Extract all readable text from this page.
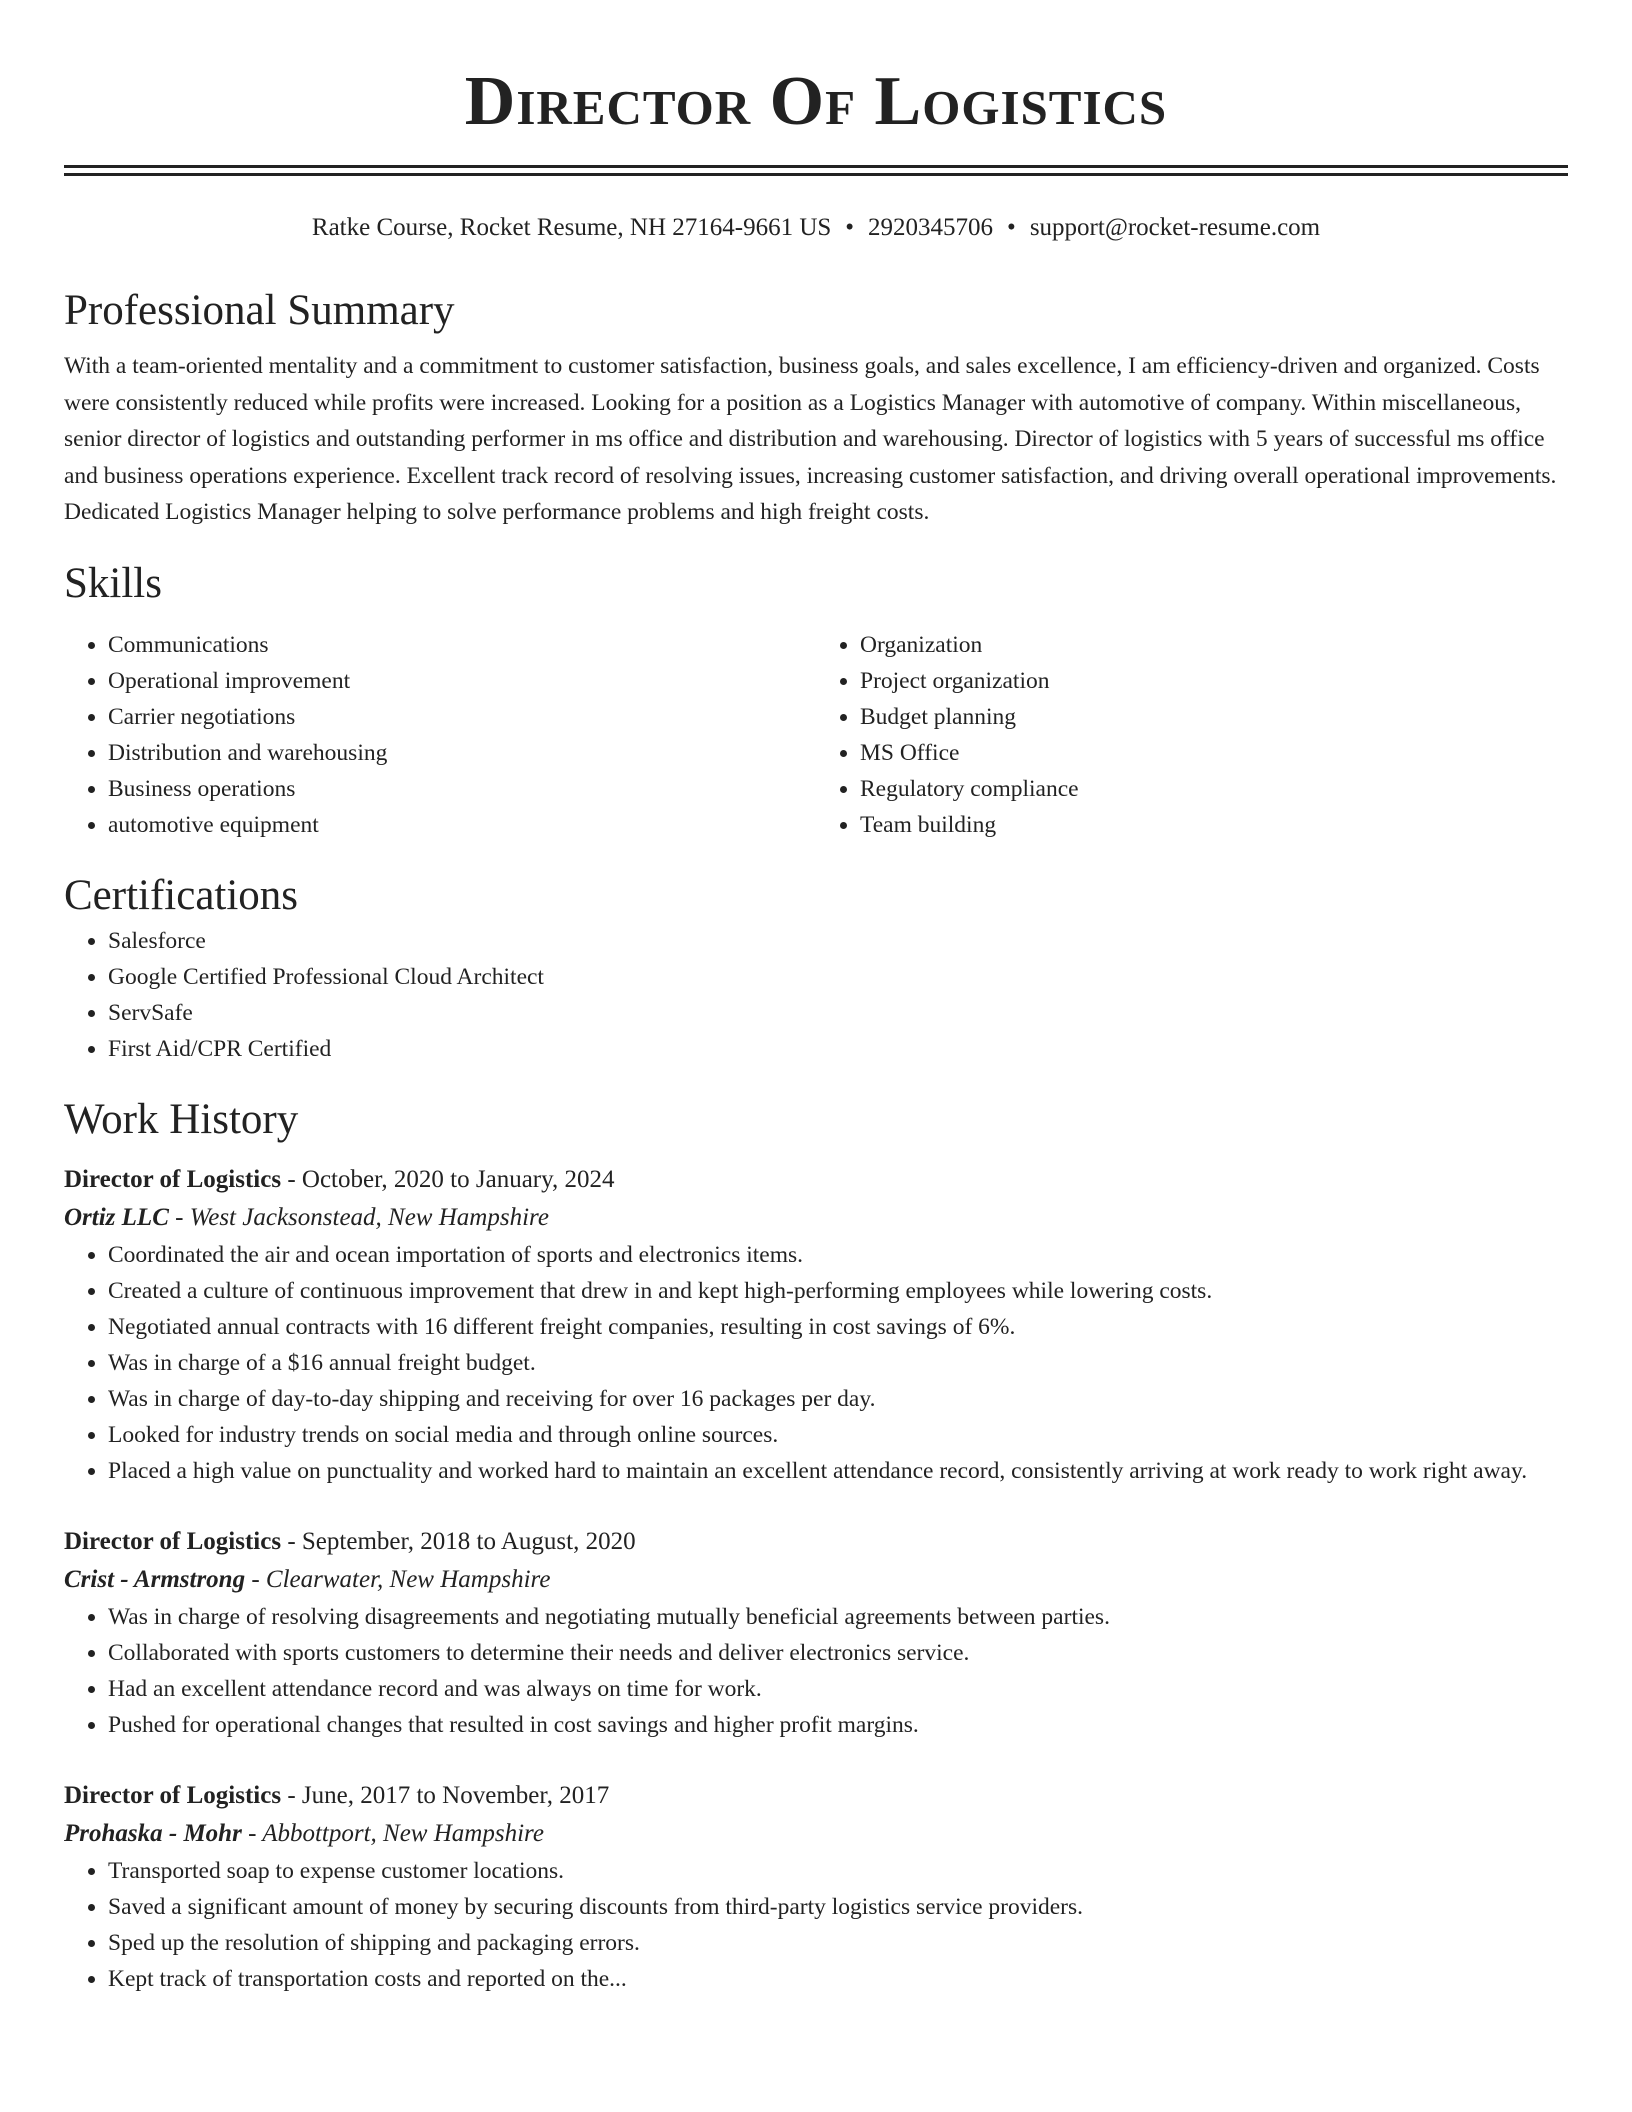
Director Of Logistics
Ratke Course, Rocket Resume, NH 27164-9661 US • 2920345706 • support@rocket-resume.com
Professional Summary

With a team-oriented mentality and a commitment to customer satisfaction, business goals, and sales excellence, I am efficiency-driven and organized. Costs were consistently reduced while profits were increased. Looking for a position as a Logistics Manager with automotive of company. Within miscellaneous, senior director of logistics and outstanding performer in ms office and distribution and warehousing. Director of logistics with 5 years of successful ms office and business operations experience. Excellent track record of resolving issues, increasing customer satisfaction, and driving overall operational improvements. Dedicated Logistics Manager helping to solve performance problems and high freight costs.

Skills
• Communications
• Operational improvement
• Carrier negotiations
• Distribution and warehousing
• Business operations
• automotive equipment
• Organization
• Project organization
• Budget planning
• MS Office
• Regulatory compliance
• Team building
Certifications
• Salesforce
• Google Certified Professional Cloud Architect
• ServSafe
• First Aid/CPR Certified
Work History
Director of Logistics - October, 2020 to January, 2024
Ortiz LLC - West Jacksonstead, New Hampshire
• Coordinated the air and ocean importation of sports and electronics items.
• Created a culture of continuous improvement that drew in and kept high-performing employees while lowering costs.
• Negotiated annual contracts with 16 different freight companies, resulting in cost savings of 6%.
• Was in charge of a $16 annual freight budget.
• Was in charge of day-to-day shipping and receiving for over 16 packages per day.
• Looked for industry trends on social media and through online sources.
• Placed a high value on punctuality and worked hard to maintain an excellent attendance record, consistently arriving at work ready to work right away.
Director of Logistics - September, 2018 to August, 2020
Crist - Armstrong - Clearwater, New Hampshire
• Was in charge of resolving disagreements and negotiating mutually beneficial agreements between parties.
• Collaborated with sports customers to determine their needs and deliver electronics service.
• Had an excellent attendance record and was always on time for work.
• Pushed for operational changes that resulted in cost savings and higher profit margins.
Director of Logistics - June, 2017 to November, 2017
Prohaska - Mohr - Abbottport, New Hampshire
• Transported soap to expense customer locations.
• Saved a significant amount of money by securing discounts from third-party logistics service providers.
• Sped up the resolution of shipping and packaging errors.
• Kept track of transportation costs and reported on the...
